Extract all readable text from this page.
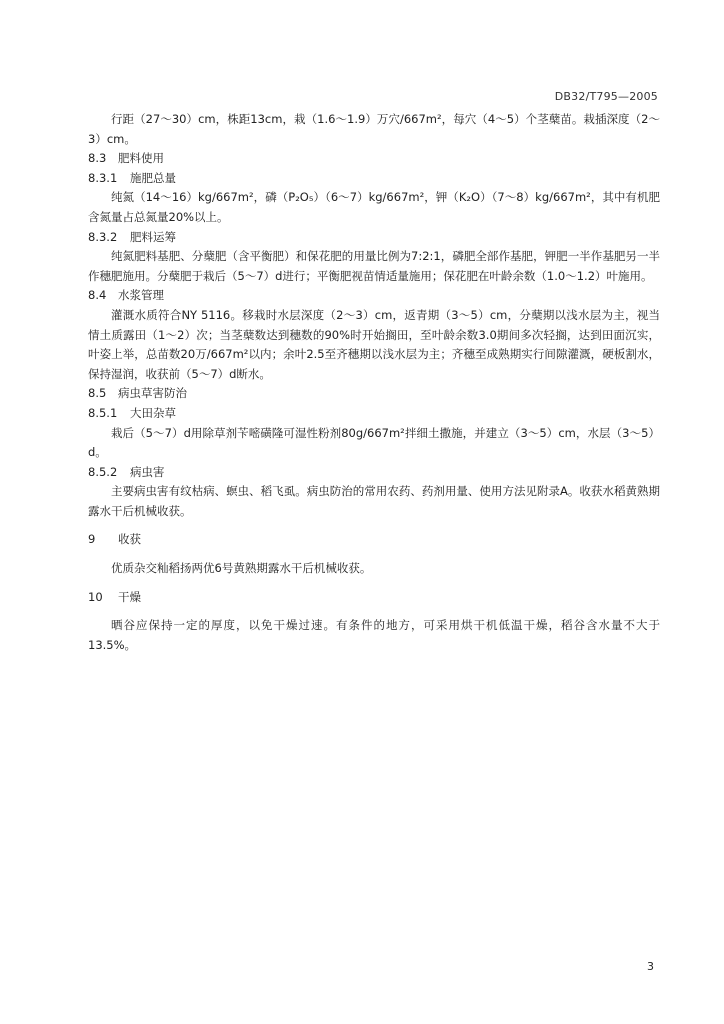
DB32/T795—2005

行距（27～30）cm，株距13cm，栽（1.6～1.9）万穴/667m²，每穴（4～5）个茎蘖苗。栽插深度（2～3）cm。

8.3	肥料使用
8.3.1	施肥总量

纯氮（14～16）kg/667m²，磷（P₂O₅）（6～7）kg/667m²，钾（K₂O）（7～8）kg/667m²，其中有机肥含氮量占总氮量20%以上。

8.3.2	肥料运筹

纯氮肥料基肥、分蘖肥（含平衡肥）和保花肥的用量比例为7:2:1，磷肥全部作基肥，钾肥一半作基肥另一半作穗肥施用。分蘖肥于栽后（5～7）d进行；平衡肥视苗情适量施用；保花肥在叶龄余数（1.0～1.2）叶施用。

8.4	水浆管理

灌溉水质符合NY 5116。移栽时水层深度（2～3）cm，返青期（3～5）cm，分蘖期以浅水层为主，视当情土质露田（1～2）次；当茎蘖数达到穗数的90%时开始搁田，至叶龄余数3.0期间多次轻搁，达到田面沉实，叶姿上举，总苗数20万/667m²以内；余叶2.5至齐穗期以浅水层为主；齐穗至成熟期实行间隙灌溉，硬板割水，保持湿润，收获前（5～7）d断水。

8.5	病虫草害防治
8.5.1	大田杂草

栽后（5～7）d用除草剂苄嘧磺隆可湿性粉剂80g/667m²拌细土撒施，并建立（3～5）cm，水层（3～5）d。

8.5.2	病虫害

主要病虫害有纹枯病、螟虫、稻飞虱。病虫防治的常用农药、药剂用量、使用方法见附录A。收获水稻黄熟期露水干后机械收获。

9	收获

优质杂交籼稻扬两优6号黄熟期露水干后机械收获。

10	干燥

晒谷应保持一定的厚度，以免干燥过速。有条件的地方，可采用烘干机低温干燥，稻谷含水量不大于13.5%。

3
